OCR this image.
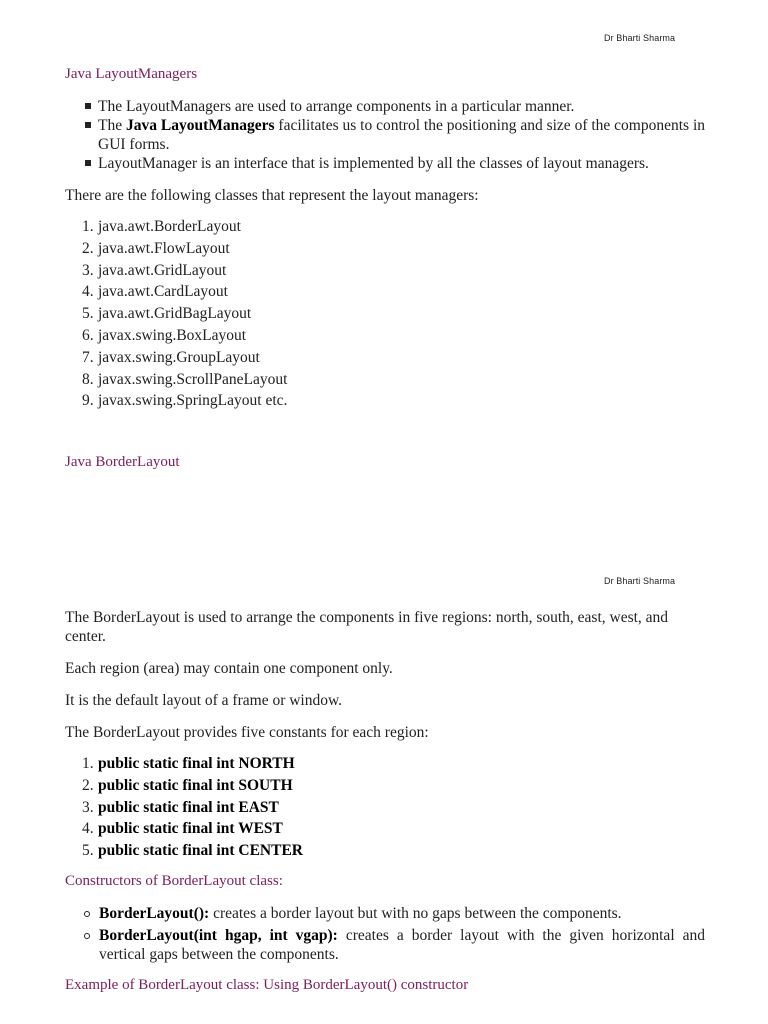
Dr Bharti Sharma
Java LayoutManagers
The LayoutManagers are used to arrange components in a particular manner.
The Java LayoutManagers facilitates us to control the positioning and size of the components in GUI forms.
LayoutManager is an interface that is implemented by all the classes of layout managers.

There are the following classes that represent the layout managers:

1. java.awt.BorderLayout
2. java.awt.FlowLayout
3. java.awt.GridLayout
4. java.awt.CardLayout
5. java.awt.GridBagLayout
6. javax.swing.BoxLayout
7. javax.swing.GroupLayout
8. javax.swing.ScrollPaneLayout
9. javax.swing.SpringLayout etc.
Java BorderLayout
Dr Bharti Sharma

The BorderLayout is used to arrange the components in five regions: north, south, east, west, and center.

Each region (area) may contain one component only.

It is the default layout of a frame or window.

The BorderLayout provides five constants for each region:

1. public static final int NORTH
2. public static final int SOUTH
3. public static final int EAST
4. public static final int WEST
5. public static final int CENTER
Constructors of BorderLayout class:
BorderLayout(): creates a border layout but with no gaps between the components.
BorderLayout(int hgap, int vgap): creates a border layout with the given horizontal and vertical gaps between the components.
Example of BorderLayout class: Using BorderLayout() constructor
